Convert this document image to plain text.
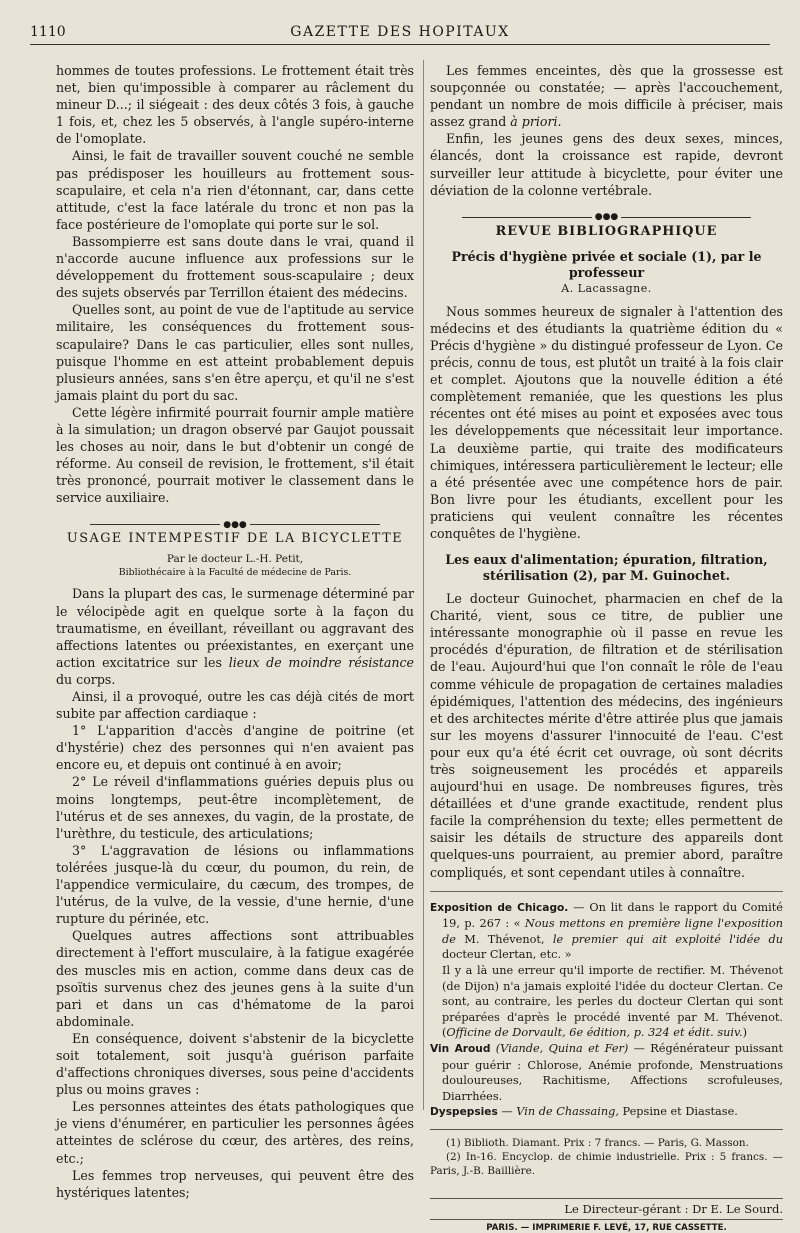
1110	GAZETTE DES HOPITAUX

hommes de toutes professions. Le frottement était très net, bien qu'impossible à comparer au râclement du mineur D...; il siégeait : des deux côtés 3 fois, à gauche 1 fois, et, chez les 5 observés, à l'angle supéro-interne de l'omoplate.

Ainsi, le fait de travailler souvent couché ne semble pas prédisposer les houilleurs au frottement sous-scapulaire, et cela n'a rien d'étonnant, car, dans cette attitude, c'est la face latérale du tronc et non pas la face postérieure de l'omoplate qui porte sur le sol.

Bassompierre est sans doute dans le vrai, quand il n'accorde aucune influence aux professions sur le développement du frottement sous-scapulaire ; deux des sujets observés par Terrillon étaient des médecins.

Quelles sont, au point de vue de l'aptitude au service militaire, les conséquences du frottement sous-scapulaire? Dans le cas particulier, elles sont nulles, puisque l'homme en est atteint probablement depuis plusieurs années, sans s'en être aperçu, et qu'il ne s'est jamais plaint du port du sac.

Cette légère infirmité pourrait fournir ample matière à la simulation; un dragon observé par Gaujot poussait les choses au noir, dans le but d'obtenir un congé de réforme. Au conseil de revision, le frottement, s'il était très prononcé, pourrait motiver le classement dans le service auxiliaire.

●●●
USAGE INTEMPESTIF DE LA BICYCLETTE
Par le docteur L.-H. Petit,
Bibliothécaire à la Faculté de médecine de Paris.

Dans la plupart des cas, le surmenage déterminé par le vélocipède agit en quelque sorte à la façon du traumatisme, en éveillant, réveillant ou aggravant des affections latentes ou préexistantes, en exerçant une action excitatrice sur les lieux de moindre résistance du corps.

Ainsi, il a provoqué, outre les cas déjà cités de mort subite par affection cardiaque :

1° L'apparition d'accès d'angine de poitrine (et d'hystérie) chez des personnes qui n'en avaient pas encore eu, et depuis ont continué à en avoir;

2° Le réveil d'inflammations guéries depuis plus ou moins longtemps, peut-être incomplètement, de l'utérus et de ses annexes, du vagin, de la prostate, de l'urèthre, du testicule, des articulations;

3° L'aggravation de lésions ou inflammations tolérées jusque-là du cœur, du poumon, du rein, de l'appendice vermiculaire, du cæcum, des trompes, de l'utérus, de la vulve, de la vessie, d'une hernie, d'une rupture du périnée, etc.

Quelques autres affections sont attribuables directement à l'effort musculaire, à la fatigue exagérée des muscles mis en action, comme dans deux cas de psoïtis survenus chez des jeunes gens à la suite d'un pari et dans un cas d'hématome de la paroi abdominale.

En conséquence, doivent s'abstenir de la bicyclette soit totalement, soit jusqu'à guérison parfaite d'affections chroniques diverses, sous peine d'accidents plus ou moins graves :

Les personnes atteintes des états pathologiques que je viens d'énumérer, en particulier les personnes âgées atteintes de sclérose du cœur, des artères, des reins, etc.;

Les femmes trop nerveuses, qui peuvent être des hystériques latentes;

Les femmes enceintes, dès que la grossesse est soupçonnée ou constatée; — après l'accouchement, pendant un nombre de mois difficile à préciser, mais assez grand à priori.

Enfin, les jeunes gens des deux sexes, minces, élancés, dont la croissance est rapide, devront surveiller leur attitude à bicyclette, pour éviter une déviation de la colonne vertébrale.

●●●
REVUE BIBLIOGRAPHIQUE
Précis d'hygiène privée et sociale (1), par le professeur
A. Lacassagne.

Nous sommes heureux de signaler à l'attention des médecins et des étudiants la quatrième édition du « Précis d'hygiène » du distingué professeur de Lyon. Ce précis, connu de tous, est plutôt un traité à la fois clair et complet. Ajoutons que la nouvelle édition a été complètement remaniée, que les questions les plus récentes ont été mises au point et exposées avec tous les développements que nécessitait leur importance. La deuxième partie, qui traite des modificateurs chimiques, intéressera particulièrement le lecteur; elle a été présentée avec une compétence hors de pair. Bon livre pour les étudiants, excellent pour les praticiens qui veulent connaître les récentes conquêtes de l'hygiène.

Les eaux d'alimentation; épuration, filtration, stérilisation (2), par M. Guinochet.

Le docteur Guinochet, pharmacien en chef de la Charité, vient, sous ce titre, de publier une intéressante monographie où il passe en revue les procédés d'épuration, de filtration et de stérilisation de l'eau. Aujourd'hui que l'on connaît le rôle de l'eau comme véhicule de propagation de certaines maladies épidémiques, l'attention des médecins, des ingénieurs et des architectes mérite d'être attirée plus que jamais sur les moyens d'assurer l'innocuité de l'eau. C'est pour eux qu'a été écrit cet ouvrage, où sont décrits très soigneusement les procédés et appareils aujourd'hui en usage. De nombreuses figures, très détaillées et d'une grande exactitude, rendent plus facile la compréhension du texte; elles permettent de saisir les détails de structure des appareils dont quelques-uns pourraient, au premier abord, paraître compliqués, et sont cependant utiles à connaître.

Exposition de Chicago. — On lit dans le rapport du Comité 19, p. 267 : « Nous mettons en première ligne l'exposition de M. Thévenot, le premier qui ait exploité l'idée du docteur Clertan, etc. »

Il y a là une erreur qu'il importe de rectifier. M. Thévenot (de Dijon) n'a jamais exploité l'idée du docteur Clertan. Ce sont, au contraire, les perles du docteur Clertan qui sont préparées d'après le procédé inventé par M. Thévenot. (Officine de Dorvault, 6e édition, p. 324 et édit. suiv.)

Vin Aroud (Viande, Quina et Fer) — Régénérateur puissant pour guérir : Chlorose, Anémie profonde, Menstruations douloureuses, Rachitisme, Affections scrofuleuses, Diarrhées.

Dyspepsies — Vin de Chassaing, Pepsine et Diastase.

(1) Biblioth. Diamant. Prix : 7 francs. — Paris, G. Masson.

(2) In-16. Encyclop. de chimie industrielle. Prix : 5 francs. — Paris, J.-B. Baillière.

Le Directeur-gérant : Dr E. Le Sourd.
PARIS. — IMPRIMERIE F. LEVÉ, 17, RUE CASSETTE.
